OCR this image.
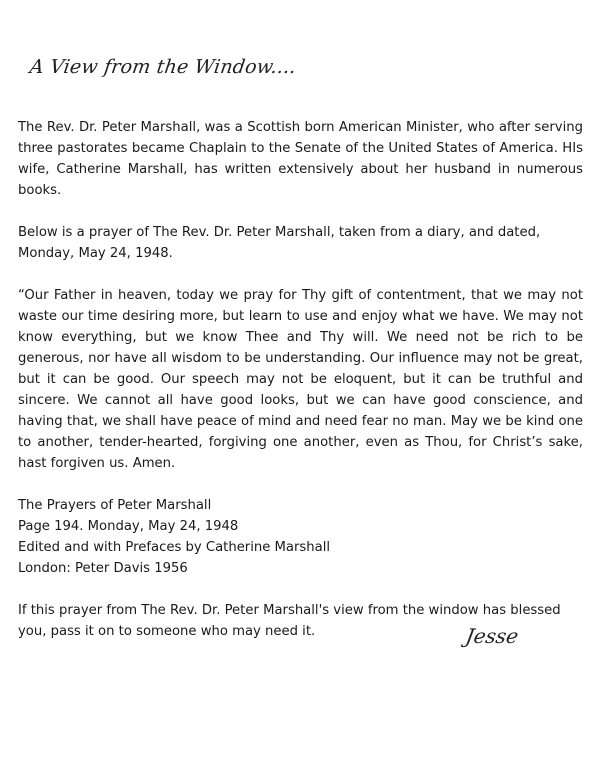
A View from the Window....

The Rev. Dr. Peter Marshall, was a Scottish born American Minister, who after serving three pastorates became Chaplain to the Senate of the United States of America. HIs wife, Catherine Marshall, has written extensively about her husband in numerous books.

Below is a prayer of The Rev. Dr. Peter Marshall, taken from a diary, and dated, Monday, May 24, 1948.

“Our Father in heaven, today we pray for Thy gift of contentment, that we may not waste our time desiring more, but learn to use and enjoy what we have. We may not know everything, but we know Thee and Thy will. We need not be rich to be generous, nor have all wisdom to be understanding. Our influence may not be great, but it can be good. Our speech may not be eloquent, but it can be truthful and sincere. We cannot all have good looks, but we can have good conscience, and having that, we shall have peace of mind and need fear no man. May we be kind one to another, tender-hearted, forgiving one another, even as Thou, for Christ’s sake, hast forgiven us. Amen.

The Prayers of Peter Marshall
Page 194. Monday, May 24, 1948
Edited and with Prefaces by Catherine Marshall
London: Peter Davis 1956

If this prayer from The Rev. Dr. Peter Marshall's view from the window has blessed you, pass it on to someone who may need it.	Jesse
